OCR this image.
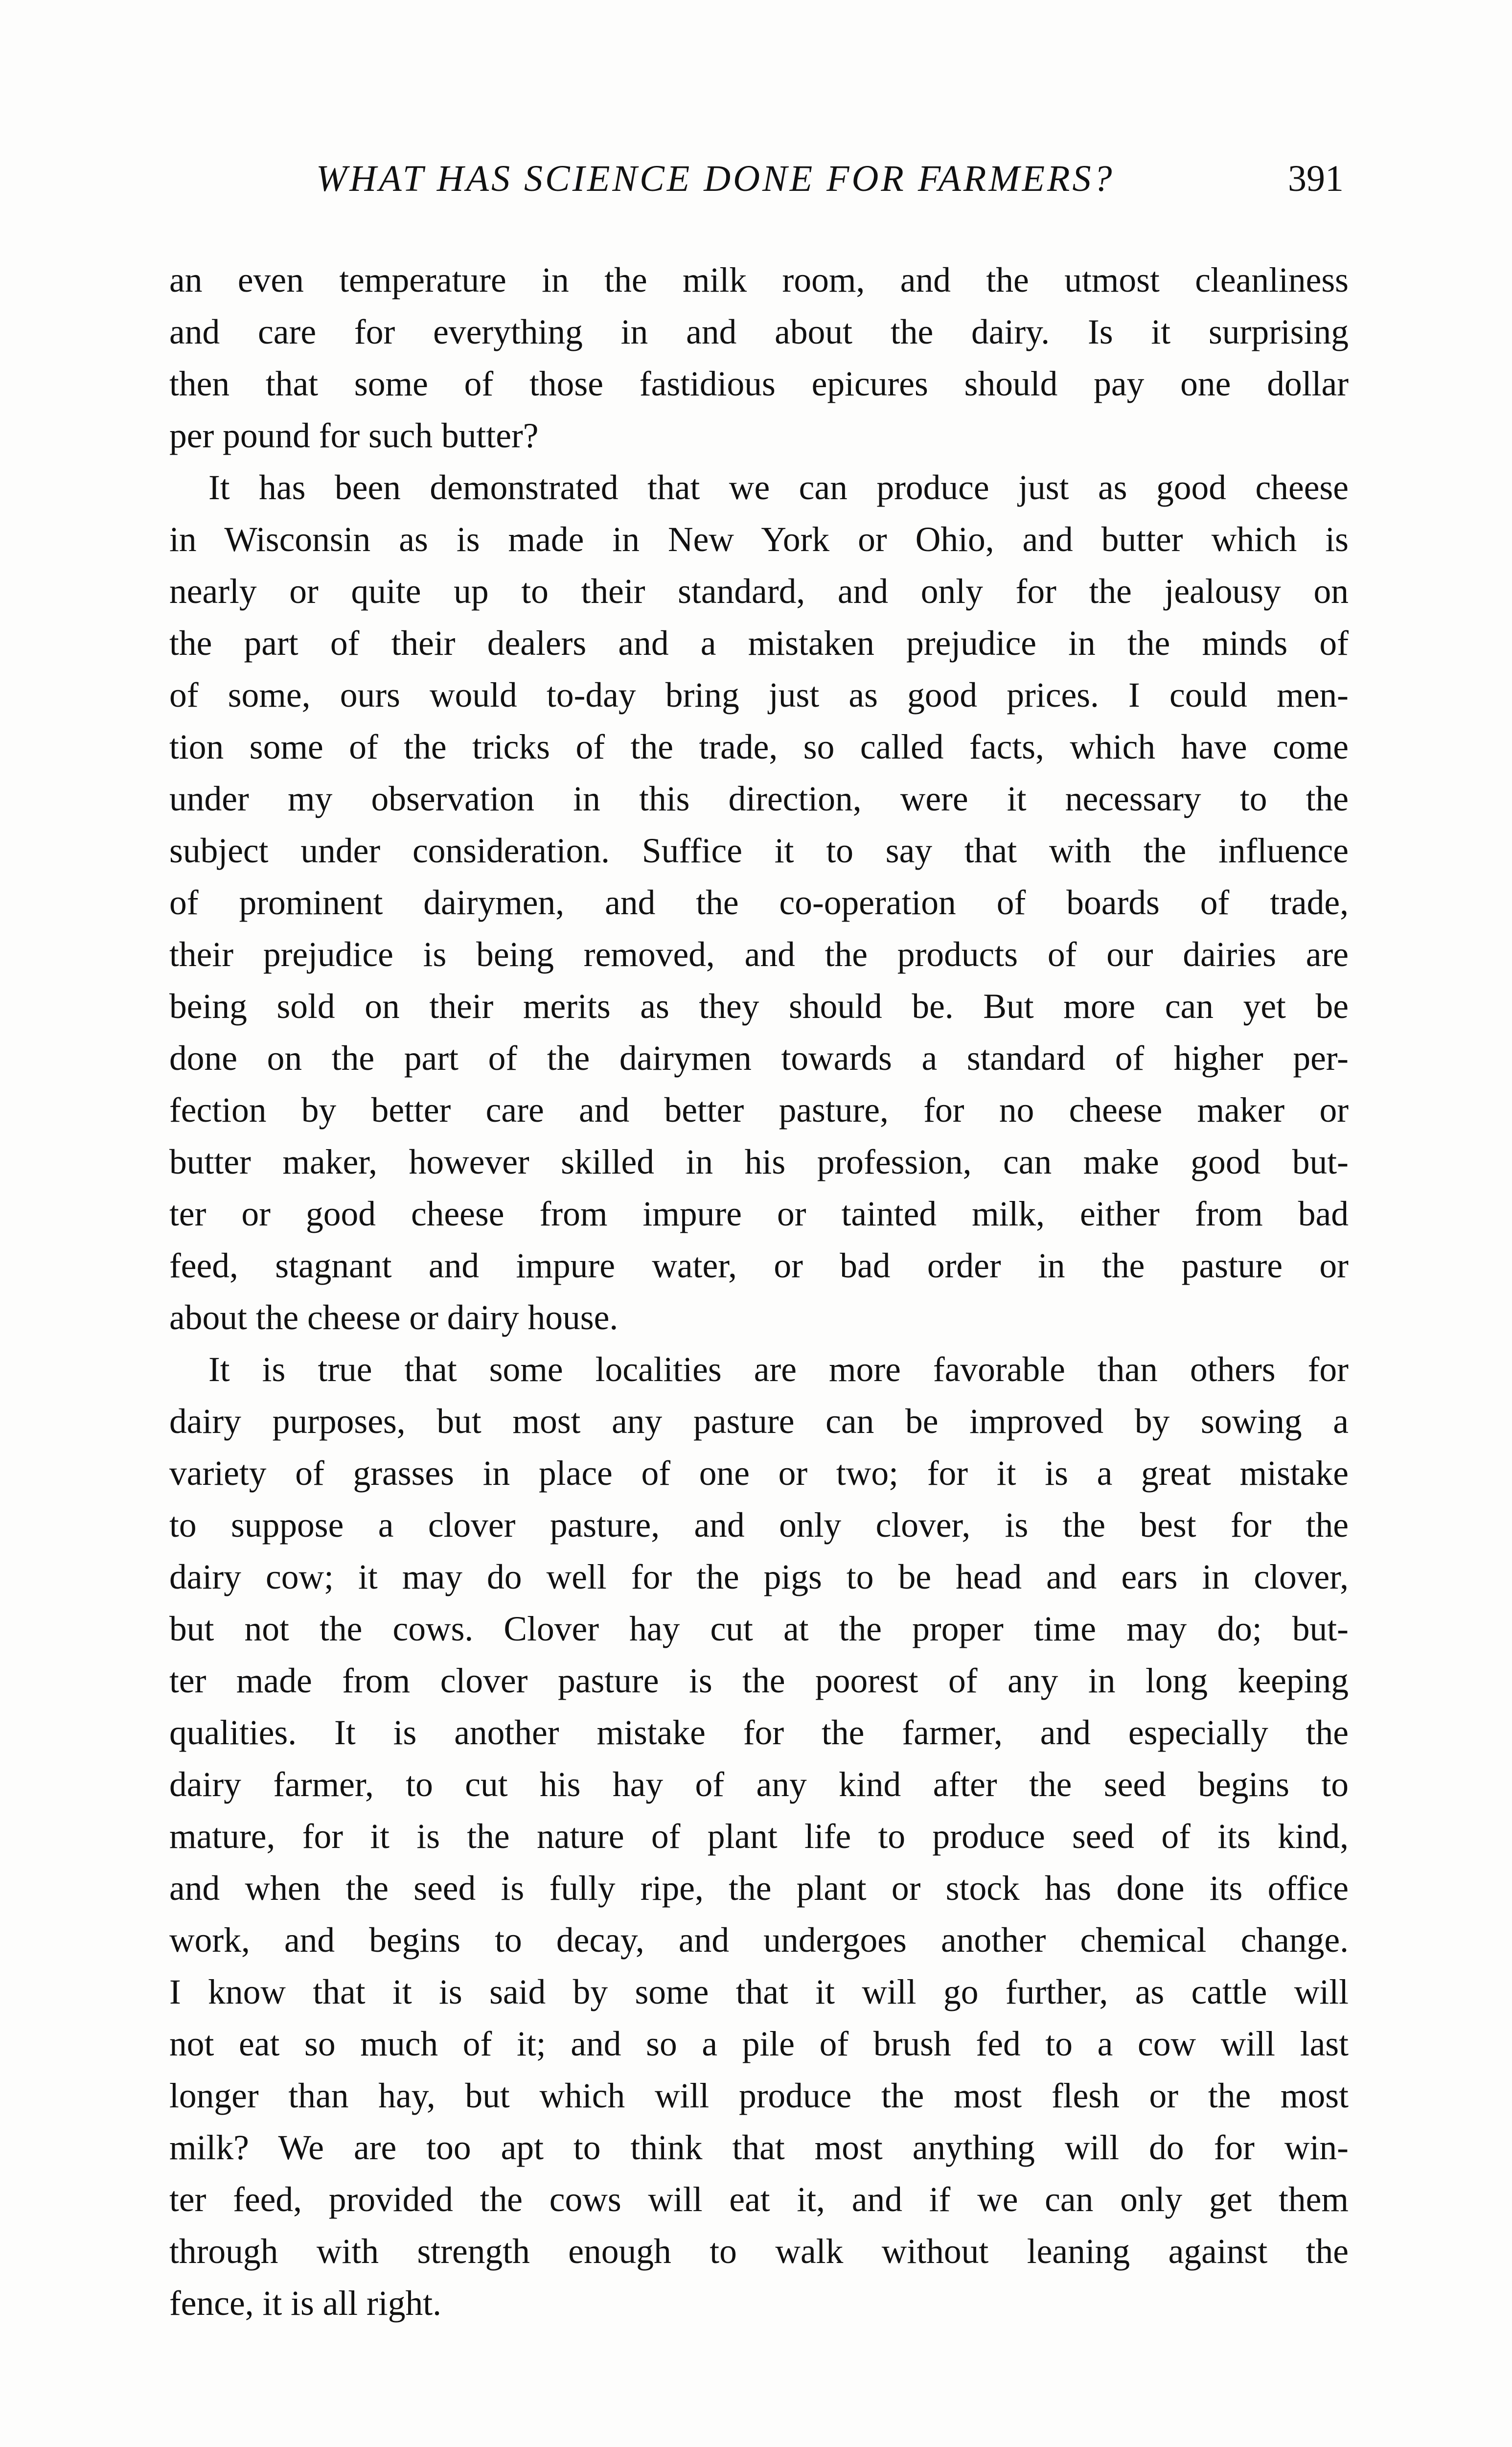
WHAT HAS SCIENCE DONE FOR FARMERS?	391
an even temperature in the milk room, and the utmost cleanliness
and care for everything in and about the dairy. Is it surprising
then that some of those fastidious epicures should pay one dollar
per pound for such butter?
It has been demonstrated that we can produce just as good cheese
in Wisconsin as is made in New York or Ohio, and butter which is
nearly or quite up to their standard, and only for the jealousy on
the part of their dealers and a mistaken prejudice in the minds of
of some, ours would to-day bring just as good prices. I could men-
tion some of the tricks of the trade, so called facts, which have come
under my observation in this direction, were it necessary to the
subject under consideration. Suffice it to say that with the influence
of prominent dairymen, and the co-operation of boards of trade,
their prejudice is being removed, and the products of our dairies are
being sold on their merits as they should be. But more can yet be
done on the part of the dairymen towards a standard of higher per-
fection by better care and better pasture, for no cheese maker or
butter maker, however skilled in his profession, can make good but-
ter or good cheese from impure or tainted milk, either from bad
feed, stagnant and impure water, or bad order in the pasture or
about the cheese or dairy house.
It is true that some localities are more favorable than others for
dairy purposes, but most any pasture can be improved by sowing a
variety of grasses in place of one or two; for it is a great mistake
to suppose a clover pasture, and only clover, is the best for the
dairy cow; it may do well for the pigs to be head and ears in clover,
but not the cows. Clover hay cut at the proper time may do; but-
ter made from clover pasture is the poorest of any in long keeping
qualities. It is another mistake for the farmer, and especially the
dairy farmer, to cut his hay of any kind after the seed begins to
mature, for it is the nature of plant life to produce seed of its kind,
and when the seed is fully ripe, the plant or stock has done its office
work, and begins to decay, and undergoes another chemical change.
I know that it is said by some that it will go further, as cattle will
not eat so much of it; and so a pile of brush fed to a cow will last
longer than hay, but which will produce the most flesh or the most
milk? We are too apt to think that most anything will do for win-
ter feed, provided the cows will eat it, and if we can only get them
through with strength enough to walk without leaning against the
fence, it is all right.
